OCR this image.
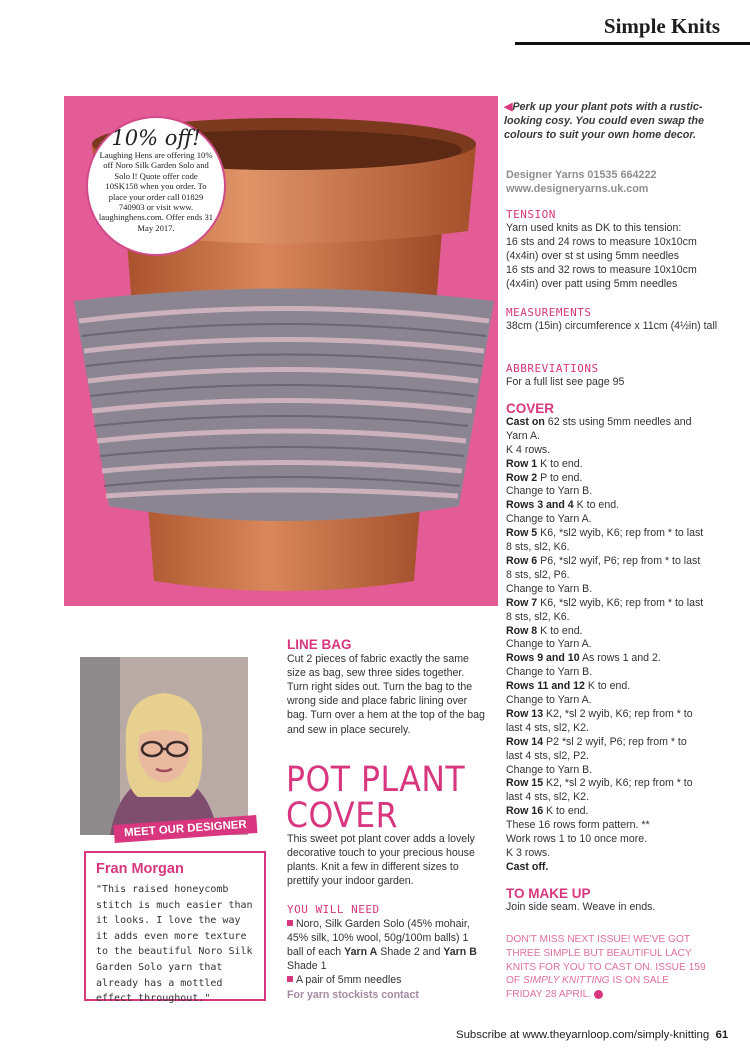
Simple Knits
10% off!
Laughing Hens are offering 10% off Noro Silk Garden Solo and Solo l! Quote offer code 10SK158 when you order. To place your order call 01829 740903 or visit www. laughinghens.com. Offer ends 31 May 2017.
◀Perk up your plant pots with a rustic-looking cosy. You could even swap the colours to suit your own home decor.
Designer Yarns 01535 664222
www.designeryarns.uk.com
TENSION

Yarn used knits as DK to this tension:

16 sts and 24 rows to measure 10x10cm

(4x4in) over st st using 5mm needles

16 sts and 32 rows to measure 10x10cm

(4x4in) over patt using 5mm needles

MEASUREMENTS

38cm (15in) circumference x 11cm (4½in) tall

ABBREVIATIONS

For a full list see page 95

COVER

Cast on 62 sts using 5mm needles and Yarn A.

K 4 rows.

Row 1 K to end.

Row 2 P to end.

Change to Yarn B.

Rows 3 and 4 K to end.

Change to Yarn A.

Row 5 K6, *sl2 wyib, K6; rep from * to last 8 sts, sl2, K6.

Row 6 P6, *sl2 wyif, P6; rep from * to last 8 sts, sl2, P6.

Change to Yarn B.

Row 7 K6, *sl2 wyib, K6; rep from * to last 8 sts, sl2, K6.

Row 8 K to end.

Change to Yarn A.

Rows 9 and 10 As rows 1 and 2.

Change to Yarn B.

Rows 11 and 12 K to end.

Change to Yarn A.

Row 13 K2, *sl 2 wyib, K6; rep from * to last 4 sts, sl2, K2.

Row 14 P2 *sl 2 wyif, P6; rep from * to last 4 sts, sl2, P2.

Change to Yarn B.

Row 15 K2, *sl 2 wyib, K6; rep from * to last 4 sts, sl2, K2.

Row 16 K to end.

These 16 rows form pattern. **

Work rows 1 to 10 once more.

K 3 rows.

Cast off.

TO MAKE UP

Join side seam. Weave in ends.

DON'T MISS NEXT ISSUE! WE'VE GOT THREE SIMPLE BUT BEAUTIFUL LACY KNITS FOR YOU TO CAST ON. ISSUE 159 OF SIMPLY KNITTING IS ON SALE FRIDAY 28 APRIL.
LINE BAG
Cut 2 pieces of fabric exactly the same size as bag, sew three sides together. Turn right sides out. Turn the bag to the wrong side and place fabric lining over bag. Turn over a hem at the top of the bag and sew in place securely.
POT PLANT
COVER
This sweet pot plant cover adds a lovely decorative touch to your precious house plants. Knit a few in different sizes to prettify your indoor garden.
YOU WILL NEED
Noro, Silk Garden Solo (45% mohair, 45% silk, 10% wool, 50g/100m balls) 1 ball of each Yarn A Shade 2 and Yarn B Shade 1
A pair of 5mm needles
For yarn stockists contact
MEET OUR DESIGNER
Fran Morgan
"This raised honeycomb stitch is much easier than it looks. I love the way it adds even more texture to the beautiful Noro Silk Garden Solo yarn that already has a mottled effect throughout."
Subscribe at www.theyarnloop.com/simply-knitting 61
